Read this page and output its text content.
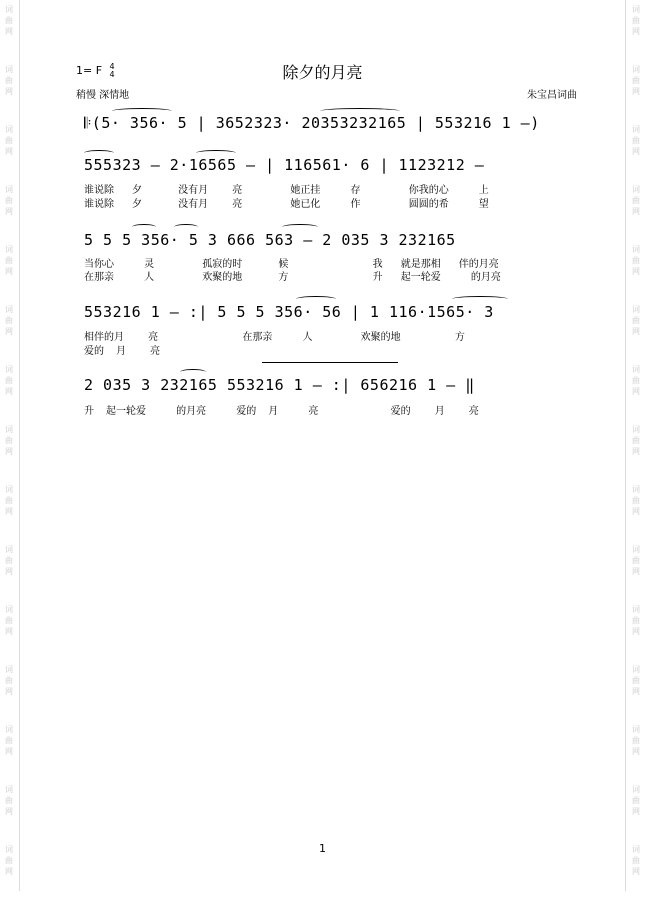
词
曲
网
词
曲
网
词
曲
网
词
曲
网
词
曲
网
词
曲
网
词
曲
网
词
曲
网
词
曲
网
词
曲
网
词
曲
网
词
曲
网
词
曲
网
词
曲
网
词
曲
网
词
曲
网
词
曲
网
词
曲
网
词
曲
网
词
曲
网
词
曲
网
词
曲
网
词
曲
网
词
曲
网
词
曲
网
词
曲
网
词
曲
网
词
曲
网
词
曲
网
词
曲
网
1= F 4
4	除夕的月亮
稍慢 深情地	朱宝昌词曲
𝄆(5· 356· 5 | 3652323· 20353232165 | 553216 1 —)
555323 — 2·16565 — | 116561· 6 | 1123212 —
谁说除   夕      没有月    亮        她正挂     存        你我的心     上
谁说除   夕      没有月    亮        她已化     作        圆圆的希     望
5 5 5 356· 5 3 666 563 — 2 035 3 232165
当你心     灵        孤寂的时      候              我   就是那相   伴的月亮
在那亲     人        欢聚的地      方              升   起一轮爱     的月亮
553216 1 — :| 5 5 5 356· 56 | 1 116·1565· 3
相伴的月    亮              在那亲     人        欢聚的地         方
爱的  月    亮
2 035 3 232165 553216 1 — :| 656216 1 — ‖
升  起一轮爱     的月亮     爱的  月     亮            爱的    月    亮
1
